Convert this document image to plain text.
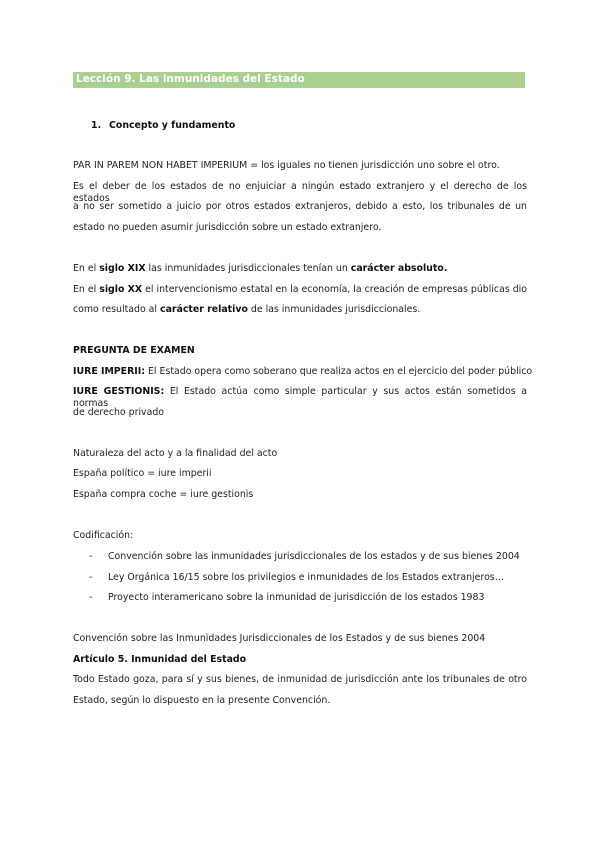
Lección 9. Las inmunidades del Estado
1. Concepto y fundamento
PAR IN PAREM NON HABET IMPERIUM = los iguales no tienen jurisdicción uno sobre el otro.
Es el deber de los estados de no enjuiciar a ningún estado extranjero y el derecho de los estados
a no ser sometido a juicio por otros estados extranjeros, debido a esto, los tribunales de un
estado no pueden asumir jurisdicción sobre un estado extranjero.
En el siglo XIX las inmunidades jurisdiccionales tenían un carácter absoluto.
En el siglo XX el intervencionismo estatal en la economía, la creación de empresas públicas dio
como resultado al carácter relativo de las inmunidades jurisdiccionales.
PREGUNTA DE EXAMEN
IURE IMPERII: El Estado opera como soberano que realiza actos en el ejercicio del poder público
IURE GESTIONIS: El Estado actúa como simple particular y sus actos están sometidos a normas
de derecho privado
Naturaleza del acto y a la finalidad del acto
España político = iure imperii
España compra coche = iure gestionis
Codificación:
- Convención sobre las inmunidades jurisdiccionales de los estados y de sus bienes 2004
- Ley Orgánica 16/15 sobre los privilegios e inmunidades de los Estados extranjeros…
- Proyecto interamericano sobre la inmunidad de jurisdicción de los estados 1983
Convención sobre las Inmunidades Jurisdiccionales de los Estados y de sus bienes 2004
Artículo 5. Inmunidad del Estado
Todo Estado goza, para sí y sus bienes, de inmunidad de jurisdicción ante los tribunales de otro
Estado, según lo dispuesto en la presente Convención.
